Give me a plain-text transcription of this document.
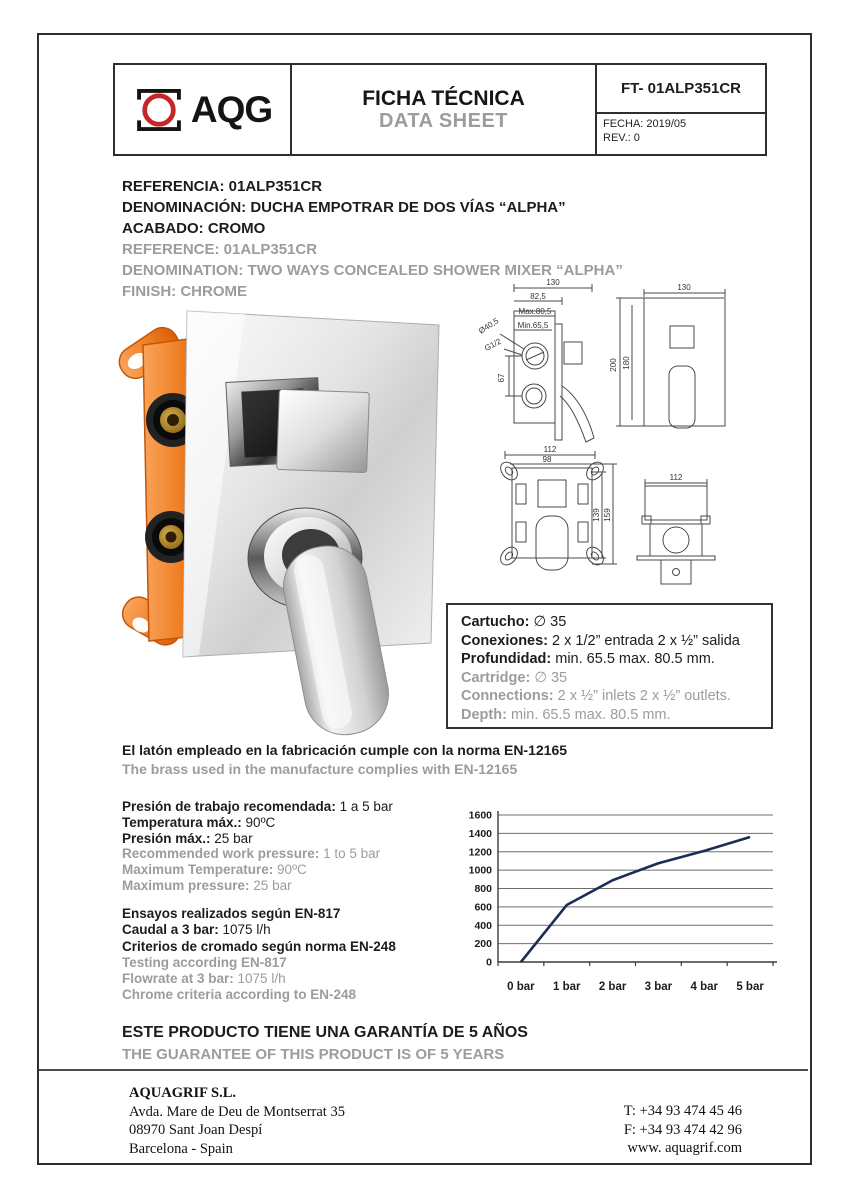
AQG	FICHA TÉCNICA
DATA SHEET
FT- 01ALP351CR
FECHA: 2019/05
REV.: 0
REFERENCIA: 01ALP351CR
DENOMINACIÓN: DUCHA EMPOTRAR DE DOS VÍAS “ALPHA”
ACABADO: CROMO
REFERENCE: 01ALP351CR
DENOMINATION: TWO WAYS CONCEALED SHOWER MIXER “ALPHA”
FINISH: CHROME
130
82,5
Max.80,5
Min.65,5
Ø40,5
G1/2
67
130
200 180
112
98
139 159
112
Cartucho: ∅ 35
Conexiones: 2 x 1/2” entrada 2 x ½” salida
Profundidad: min. 65.5 max. 80.5 mm.
Cartridge: ∅ 35
Connections: 2 x ½” inlets 2 x ½” outlets.
Depth: min. 65.5 max. 80.5 mm.
El latón empleado en la fabricación cumple con la norma EN-12165
The brass used in the manufacture complies with EN-12165
Presión de trabajo recomendada: 1 a 5 bar
Temperatura máx.: 90ºC
Presión máx.: 25 bar
Recommended work pressure: 1 to 5 bar
Maximum Temperature: 90ºC
Maximum pressure: 25 bar
Ensayos realizados según EN-817
Caudal a 3 bar: 1075 l/h
Criterios de cromado según norma EN-248
Testing according EN-817
Flowrate at 3 bar: 1075 l/h
Chrome criteria according to EN-248
0
200
400
600
800
1000
1200
1400
1600
0 bar 1 bar 2 bar 3 bar 4 bar 5 bar
ESTE PRODUCTO TIENE UNA GARANTÍA DE 5 AÑOS
THE GUARANTEE OF THIS PRODUCT IS OF 5 YEARS
AQUAGRIF S.L.
Avda. Mare de Deu de Montserrat 35
08970 Sant Joan Despí
Barcelona - Spain
T: +34 93 474 45 46
F: +34 93 474 42 96
www. aquagrif.com
